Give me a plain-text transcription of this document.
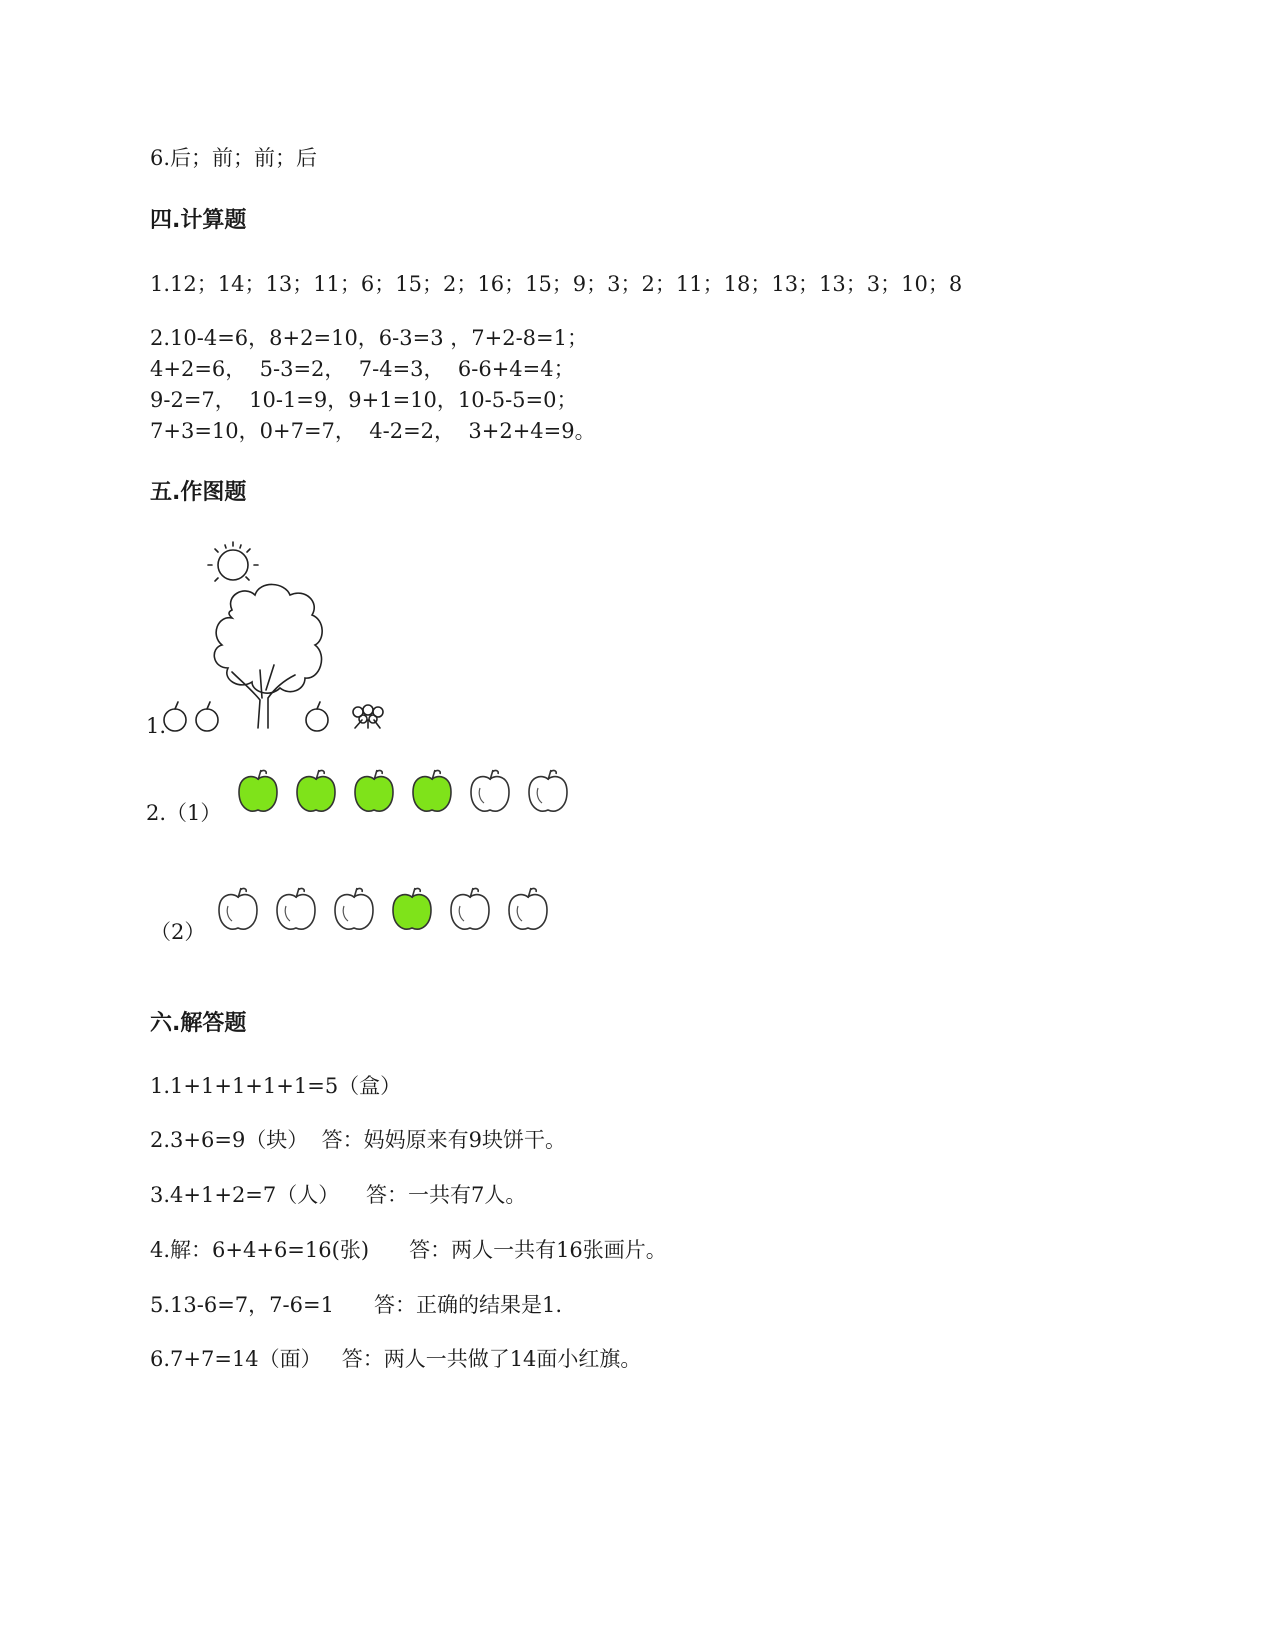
6.后；前；前；后
四.计算题
1.12；14；13；11；6；15；2；16；15；9；3；2；11；18；13；13；3；10；8
2.10-4=6，8+2=10，6-3=3 ，7+2-8=1；
4+2=6，  5-3=2，  7-4=3，  6-6+4=4；
9-2=7，  10-1=9，9+1=10，10-5-5=0；
7+3=10，0+7=7，  4-2=2，  3+2+4=9。
五.作图题
1.
2.（1）
（2）
六.解答题
1.1+1+1+1+1=5（盒）
2.3+6=9（块）  答：妈妈原来有9块饼干。
3.4+1+2=7（人）    答：一共有7人。
4.解：6+4+6=16(张)      答：两人一共有16张画片。
5.13-6=7，7-6=1      答：正确的结果是1.
6.7+7=14（面）   答：两人一共做了14面小红旗。
